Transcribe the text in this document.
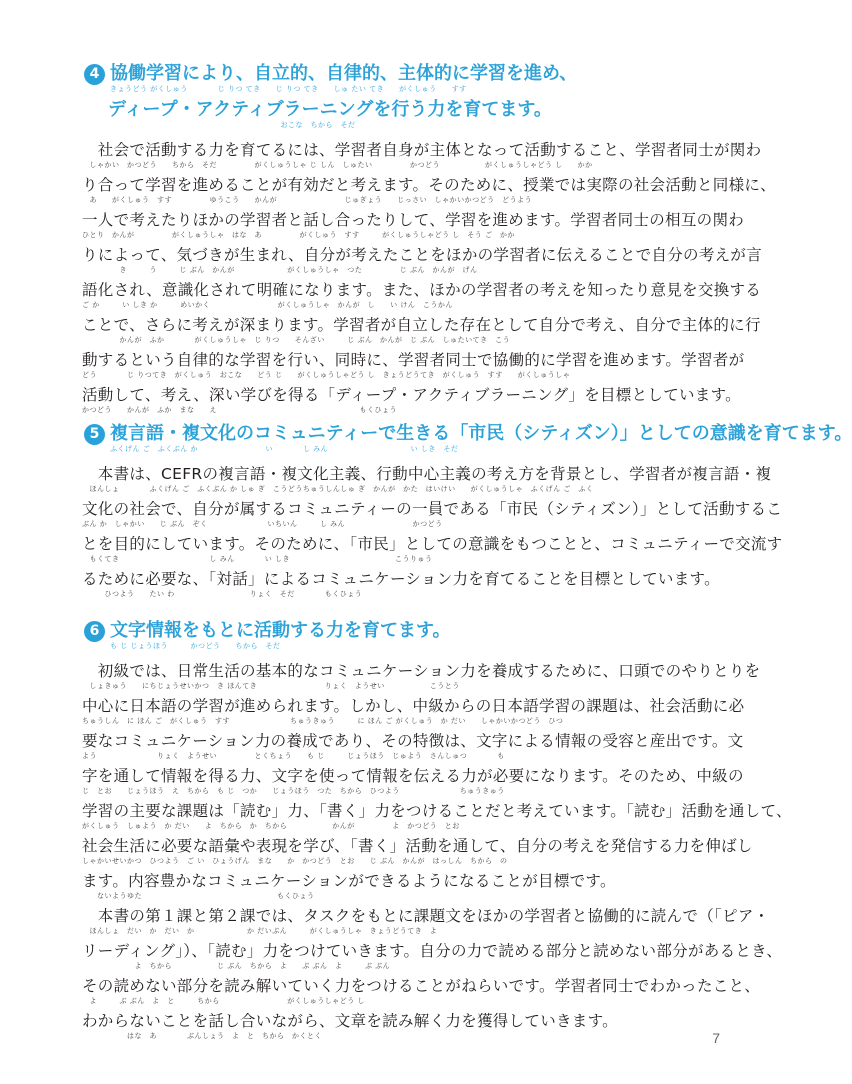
4 協働学習により、自立的、自律的、主体的に学習を進め、
きょうどう がくしゅう　　　　じ りつ てき　　じ りつ てき　　しゅ たい てき　　がくしゅう　　すす
ディープ・アクティブラーニングを行う力を育てます。
　　　　　　　　　　　　　　　　　　　　　　　おこな　ちから　そだ
　社会で活動する力を育てるには、学習者自身が主体となって活動すること、学習者同士が関わ
　しゃかい　かつどう　　ちから　そだ　　　　　がくしゅうしゃ じ しん　しゅたい　　　　　かつどう　　　　　　がくしゅうしゃどう し　　かか
り合って学習を進めることが有効だと考えます。そのために、授業では実際の社会活動と同様に、
　あ　　がくしゅう　すす　　　　　ゆうこう　　かんが　　　　　　　　　じゅぎょう　　じっさい　しゃかいかつどう　どうよう
一人で考えたりほかの学習者と話し合ったりして、学習を進めます。学習者同士の相互の関わ
ひとり　かんが　　　　　がくしゅうしゃ　はな　あ　　　　　がくしゅう　すす　　　がくしゅうしゃどう し　そう ご　かか
りによって、気づきが生まれ、自分が考えたことをほかの学習者に伝えることで自分の考えが言
　　　　　き　　　う　　　じ ぶん　かんが　　　　　　　がくしゅうしゃ　つた　　　　　じ ぶん　かんが　げん
語化され、意識化されて明確になります。また、ほかの学習者の考えを知ったり意見を交換する
ご か　　　い しき か　　　めいかく　　　　　　　　　がくしゅうしゃ　かんが　し　　い けん　こうかん
ことで、さらに考えが深まります。学習者が自立した存在として自分で考え、自分で主体的に行
　　　　　かんが　ふか　　　　がくしゅうしゃ　じ りつ　　そんざい　　　じ ぶん　かんが　じ ぶん　しゅたいてき　こう
動するという自律的な学習を行い、同時に、学習者同士で協働的に学習を進めます。学習者が
どう　　　　じ りつてき　がくしゅう　おこな　　どう じ　　がくしゅうしゃどう し　きょうどうてき　がくしゅう　すす　　がくしゅうしゃ
活動して、考え、深い学びを得る「ディープ・アクティブラーニング」を目標としています。
かつどう　　かんが　ふか　まな　　え　　　　　　　　　　　　　　　　　　　もくひょう
5 複言語・複文化のコミュニティーで生きる「市民（シティズン）」としての意識を育てます。
ふくげん ご　ふくぶん か　　　　　　　　　い　　　　し みん　　　　　　　　　　　い しき　そだ
　本書は、CEFRの複言語・複文化主義、行動中心主義の考え方を背景とし、学習者が複言語・複
　ほんしょ　　　　ふくげん ご　ふくぶん か しゅ ぎ　こうどうちゅうしんしゅ ぎ　かんが　かた　はいけい　　がくしゅうしゃ　ふくげん ご　ふく
文化の社会で、自分が属するコミュニティーの一員である「市民（シティズン）」として活動するこ
ぶん か　しゃかい　　じ ぶん　ぞく　　　　　　　　いちいん　　　し みん　　　　　　　　　かつどう
とを目的にしています。そのために、「市民」としての意識をもつことと、コミュニティーで交流す
　もくてき　　　　　　　　　　　　し みん　　　　い しき　　　　　　　　　　　　　　こうりゅう
るために必要な、「対話」によるコミュニケーション力を育てることを目標としています。
　　　ひつよう　　たい わ　　　　　　　　　　りょく　そだ　　　　もくひょう
6 文字情報をもとに活動する力を育てます。
も じ じょうほう　　　かつどう　　ちから　そだ
　初級では、日常生活の基本的なコミュニケーション力を養成するために、口頭でのやりとりを
　しょきゅう　　にちじょうせいかつ　き ほんてき　　　　　　　　　りょく　ようせい　　　　　　こうとう
中心に日本語の学習が進められます。しかし、中級からの日本語学習の課題は、社会活動に必
ちゅうしん　に ほん ご　がくしゅう　すす　　　　　　　　ちゅうきゅう　　　に ほん ご がくしゅう　か だい　　しゃかいかつどう　ひつ
要なコミュニケーション力の養成であり、その特徴は、文字による情報の受容と産出です。文
よう　　　　　　　　りょく　ようせい　　　　　とくちょう　　も じ　　　じょうほう　じゅよう　さんしゅつ　　　　も
字を通して情報を得る力、文字を使って情報を伝える力が必要になります。そのため、中級の
じ　とお　　じょうほう　え　ちから　も じ　つか　　じょうほう　つた　ちから　ひつよう　　　　　　　　ちゅうきゅう
学習の主要な課題は「読む」力、「書く」力をつけることだと考えています。「読む」活動を通して、
がくしゅう　しゅよう　か だい　　よ　ちから　か　ちから　　　　　　かんが　　　　　よ　かつどう　とお
社会生活に必要な語彙や表現を学び、「書く」活動を通して、自分の考えを発信する力を伸ばし
しゃかいせいかつ　ひつよう　ご い　ひょうげん　まな　　か　かつどう　とお　　じ ぶん　かんが　はっしん　ちから　の
ます。内容豊かなコミュニケーションができるようになることが目標です。
　　ないようゆた　　　　　　　　　　　　　　　　　　もくひょう
　本書の第１課と第２課では、タスクをもとに課題文をほかの学習者と協働的に読んで（「ピア・
　ほんしょ　だい　か　だい　か　　　　　　　か だいぶん　　　がくしゅうしゃ　きょうどうてき　よ
リーディング」）、「読む」力をつけていきます。自分の力で読める部分と読めない部分があるとき、
　　　　　　　よ　ちから　　　　　　じ ぶん　ちから　よ　　ぶ ぶん　よ　　　ぶ ぶん
その読めない部分を読み解いていく力をつけることがねらいです。学習者同士でわかったこと、
　よ　　　ぶ ぶん　よ　と　　　ちから　　　　　　　　　がくしゅうしゃどう し
わからないことを話し合いながら、文章を読み解く力を獲得していきます。
　　　　　　はな　あ　　　　ぶんしょう　よ　と　ちから　かくとく	7
